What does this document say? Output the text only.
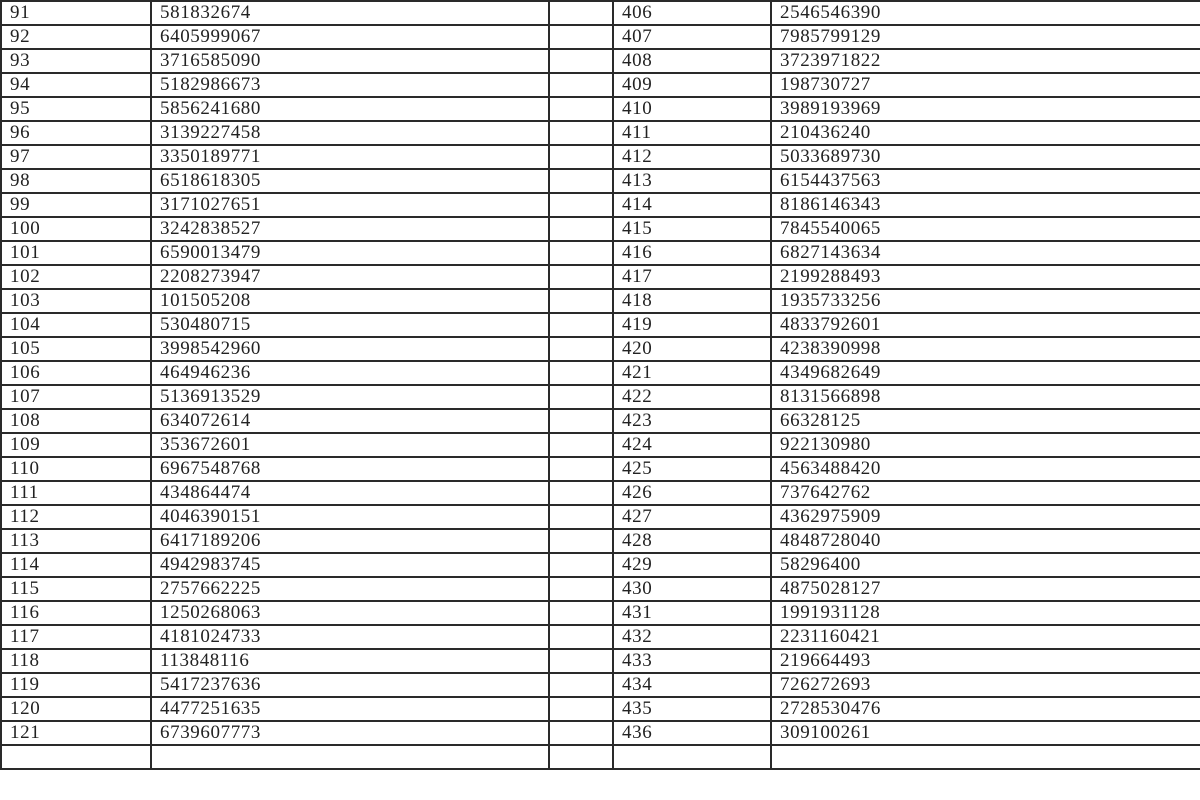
91	581832674		406	2546546390
92	6405999067		407	7985799129
93	3716585090		408	3723971822
94	5182986673		409	198730727
95	5856241680		410	3989193969
96	3139227458		411	210436240
97	3350189771		412	5033689730
98	6518618305		413	6154437563
99	3171027651		414	8186146343
100	3242838527		415	7845540065
101	6590013479		416	6827143634
102	2208273947		417	2199288493
103	101505208		418	1935733256
104	530480715		419	4833792601
105	3998542960		420	4238390998
106	464946236		421	4349682649
107	5136913529		422	8131566898
108	634072614		423	66328125
109	353672601		424	922130980
110	6967548768		425	4563488420
111	434864474		426	737642762
112	4046390151		427	4362975909
113	6417189206		428	4848728040
114	4942983745		429	58296400
115	2757662225		430	4875028127
116	1250268063		431	1991931128
117	4181024733		432	2231160421
118	113848116		433	219664493
119	5417237636		434	726272693
120	4477251635		435	2728530476
121	6739607773		436	309100261
